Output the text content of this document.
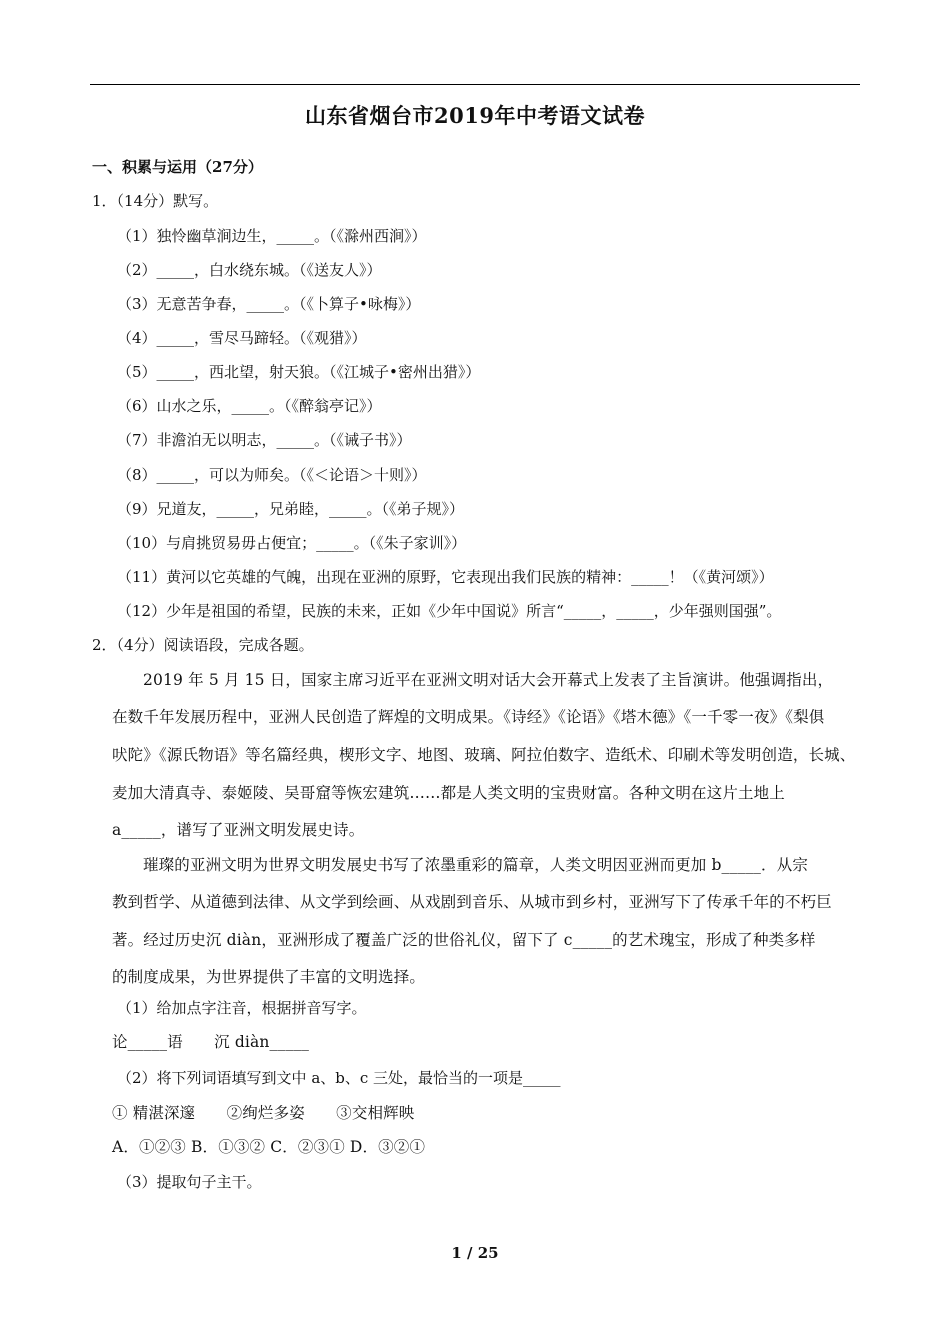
山东省烟台市2019年中考语文试卷
一、积累与运用（27分）
1．（14分）默写。
（1）独怜幽草涧边生，_____。（《滁州西涧》）
（2）_____，白水绕东城。（《送友人》）
（3）无意苦争春，_____。（《卜算子•咏梅》）
（4）_____，雪尽马蹄轻。（《观猎》）
（5）_____，西北望，射天狼。（《江城子•密州出猎》）
（6）山水之乐，_____。（《醉翁亭记》）
（7）非澹泊无以明志，_____。（《诫子书》）
（8）_____，可以为师矣。（《＜论语＞十则》）
（9）兄道友，_____，兄弟睦，_____。（《弟子规》）
（10）与肩挑贸易毋占便宜；_____。（《朱子家训》）
（11）黄河以它英雄的气魄，出现在亚洲的原野，它表现出我们民族的精神：_____！（《黄河颂》）
（12）少年是祖国的希望，民族的未来，正如《少年中国说》所言“_____，_____，少年强则国强”。
2．（4分）阅读语段，完成各题。
2019 年 5 月 15 日，国家主席习近平在亚洲文明对话大会开幕式上发表了主旨演讲。他强调指出，
在数千年发展历程中，亚洲人民创造了辉煌的文明成果。《诗经》《论语》《塔木德》《一千零一夜》《梨俱
吠陀》《源氏物语》等名篇经典，楔形文字、地图、玻璃、阿拉伯数字、造纸术、印刷术等发明创造，长城、
麦加大清真寺、泰姬陵、吴哥窟等恢宏建筑……都是人类文明的宝贵财富。各种文明在这片土地上
a_____，谱写了亚洲文明发展史诗。
璀璨的亚洲文明为世界文明发展史书写了浓墨重彩的篇章，人类文明因亚洲而更加 b_____．从宗
教到哲学、从道德到法律、从文学到绘画、从戏剧到音乐、从城市到乡村，亚洲写下了传承千年的不朽巨
著。经过历史沉 diàn，亚洲形成了覆盖广泛的世俗礼仪，留下了 c_____的艺术瑰宝，形成了种类多样
的制度成果，为世界提供了丰富的文明选择。
（1）给加点字注音，根据拼音写字。
论_____语　　沉 diàn_____
（2）将下列词语填写到文中 a、b、c 三处，最恰当的一项是_____
① 精湛深邃　　②绚烂多姿　　③交相辉映
A．①②③ B．①③② C．②③① D．③②①
（3）提取句子主干。
1 / 25
